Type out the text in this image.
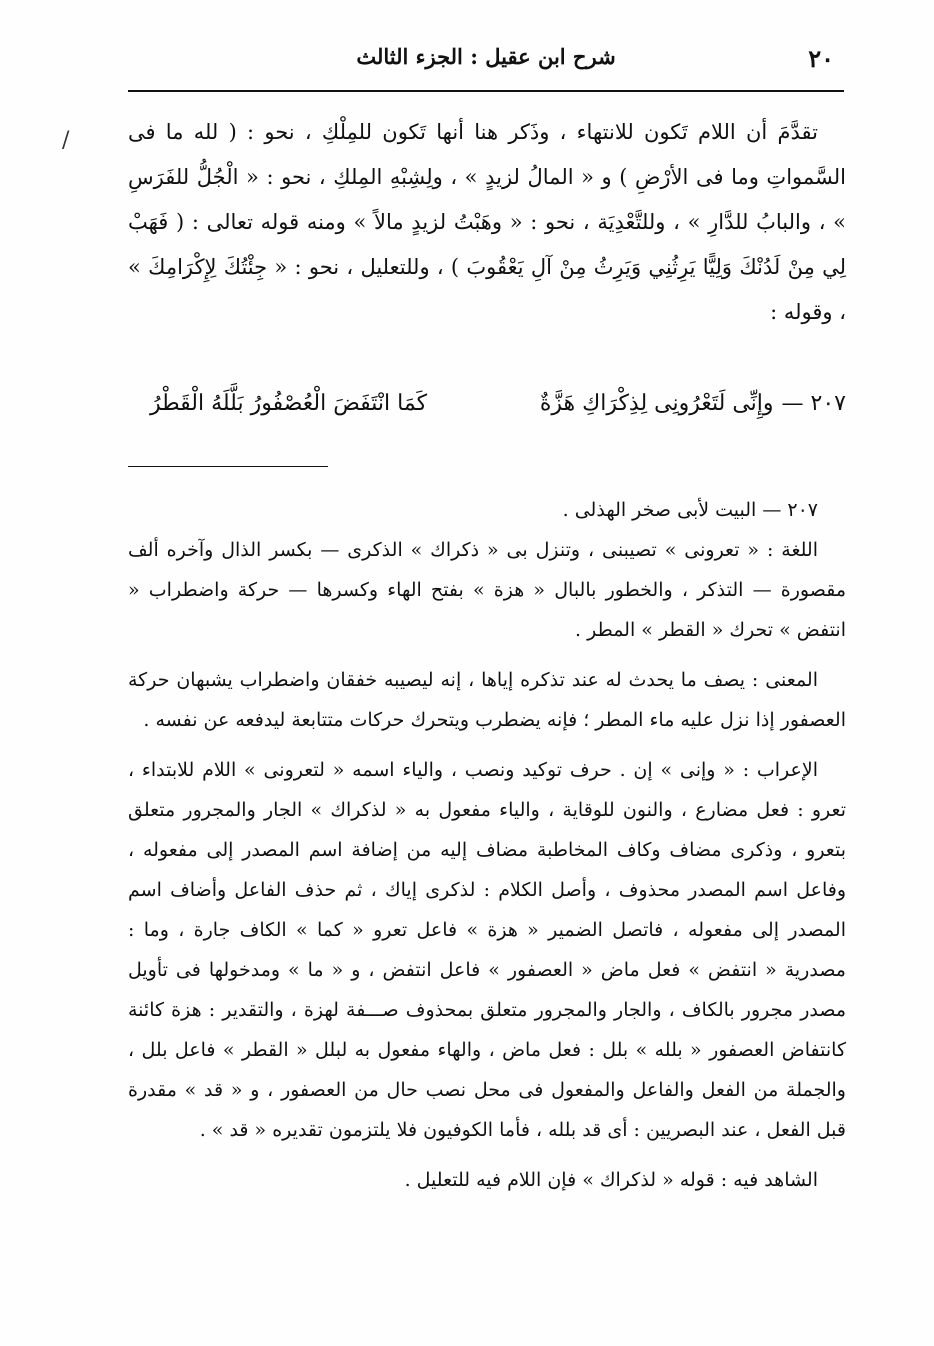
٢٠
شرح ابن عقيل : الجزء الثالث
/	تقدَّمَ أن اللام تَكون للانتهاء ، وذَكر هنا أنها تَكون للمِلْكِ ، نحو : ( لله ما فى السَّمواتِ وما فى الأرْضِ ) و « المالُ لزيدٍ » ، ولِشِبْهِ المِلكِ ، نحو : « الْجُلُّ للفَرَسِ » ، والبابُ للدَّارِ » ، وللتَّعْدِيَة ، نحو : « وهَبْتُ لزيدٍ مالاً » ومنه قوله تعالى : ( فَهَبْ لِي مِنْ لَدُنْكَ وَلِيًّا يَرِثُنِي وَيَرِثُ مِنْ آلِ يَعْقُوبَ ) ، وللتعليل ، نحو : « جِئْتُكَ لِإِكْرَامِكَ » ، وقوله :

٢٠٧ —
وإِنِّى لَتَعْرُونِى لِذِكْرَاكِ هَزَّةٌ
كَمَا انْتَفَضَ الْعُصْفُورُ بَلَّلَهُ الْقَطْرُ

٢٠٧ — البيت لأبى صخر الهذلى .

اللغة : « تعرونى » تصيبنى ، وتنزل بى « ذكراك » الذكرى — بكسر الذال وآخره ألف مقصورة — التذكر ، والخطور بالبال « هزة » بفتح الهاء وكسرها — حركة واضطراب « انتفض » تحرك « القطر » المطر .

المعنى : يصف ما يحدث له عند تذكره إياها ، إنه ليصيبه خفقان واضطراب يشبهان حركة العصفور إذا نزل عليه ماء المطر ؛ فإنه يضطرب ويتحرك حركات متتابعة ليدفعه عن نفسه .

الإعراب : « وإنى » إن . حرف توكيد ونصب ، والياء اسمه « لتعرونى » اللام للابتداء ، تعرو : فعل مضارع ، والنون للوقاية ، والياء مفعول به « لذكراك » الجار والمجرور متعلق بتعرو ، وذكرى مضاف وكاف المخاطبة مضاف إليه من إضافة اسم المصدر إلى مفعوله ، وفاعل اسم المصدر محذوف ، وأصل الكلام : لذكرى إياك ، ثم حذف الفاعل وأضاف اسم المصدر إلى مفعوله ، فاتصل الضمير « هزة » فاعل تعرو « كما » الكاف جارة ، وما : مصدرية « انتفض » فعل ماض « العصفور » فاعل انتفض ، و « ما » ومدخولها فى تأويل مصدر مجرور بالكاف ، والجار والمجرور متعلق بمحذوف صـــفة لهزة ، والتقدير : هزة كائنة كانتفاض العصفور « بلله » بلل : فعل ماض ، والهاء مفعول به لبلل « القطر » فاعل بلل ، والجملة من الفعل والفاعل والمفعول فى محل نصب حال من العصفور ، و « قد » مقدرة قبل الفعل ، عند البصريين : أى قد بلله ، فأما الكوفيون فلا يلتزمون تقديره « قد » .

الشاهد فيه : قوله « لذكراك » فإن اللام فيه للتعليل .
